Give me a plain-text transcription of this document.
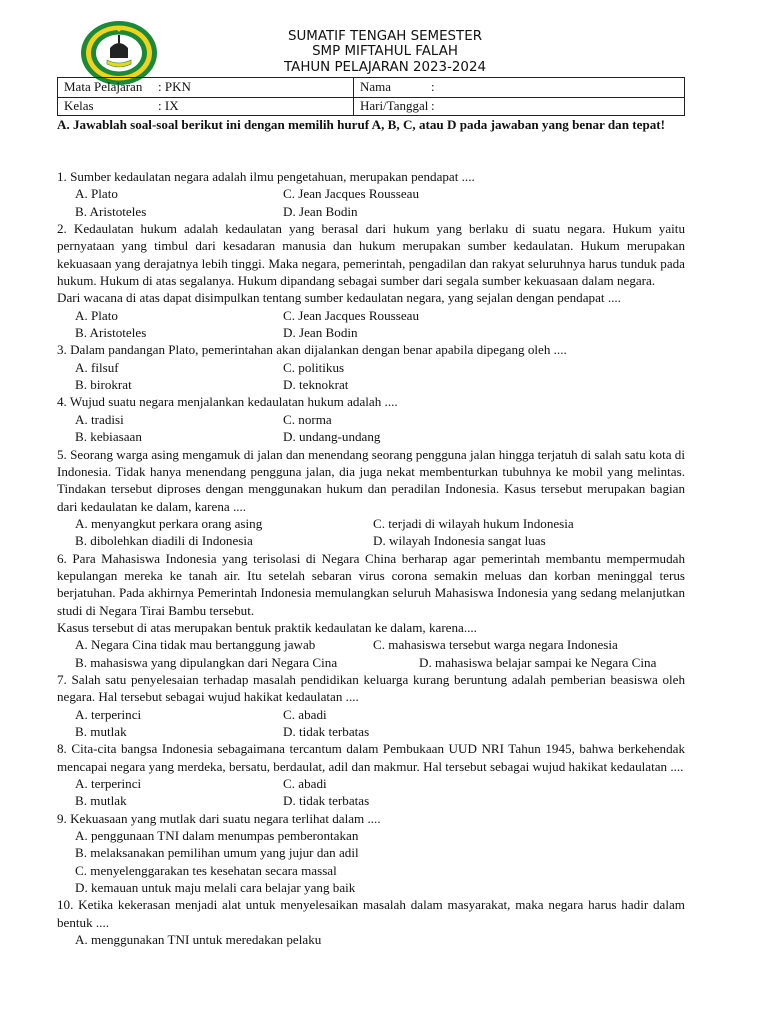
SUMATIF TENGAH SEMESTER
SMP MIFTAHUL FALAH
TAHUN PELAJARAN 2023-2024
Mata Pelajaran : PKN	Nama	:
Kelas	: IX	Hari/Tanggal :
A. Jawablah soal-soal berikut ini dengan memilih huruf A, B, C, atau D pada jawaban yang benar dan tepat!

1. Sumber kedaulatan negara adalah ilmu pengetahuan, merupakan pendapat ....

A. Plato	C. Jean Jacques Rousseau
B. Aristoteles	D. Jean Bodin

2. Kedaulatan hukum adalah kedaulatan yang berasal dari hukum yang berlaku di suatu negara. Hukum yaitu pernyataan yang timbul dari kesadaran manusia dan hukum merupakan sumber kedaulatan. Hukum merupakan kekuasaan yang derajatnya lebih tinggi. Maka negara, pemerintah, pengadilan dan rakyat seluruhnya harus tunduk pada hukum. Hukum di atas segalanya. Hukum dipandang sebagai sumber dari segala sumber kekuasaan dalam negara.

Dari wacana di atas dapat disimpulkan tentang sumber kedaulatan negara, yang sejalan dengan pendapat ....

A. Plato	C. Jean Jacques Rousseau
B. Aristoteles	D. Jean Bodin

3. Dalam pandangan Plato, pemerintahan akan dijalankan dengan benar apabila dipegang oleh ....

A. filsuf	C. politikus
B. birokrat	D. teknokrat

4. Wujud suatu negara menjalankan kedaulatan hukum adalah ....

A. tradisi	C. norma
B. kebiasaan	D. undang-undang

5. Seorang warga asing mengamuk di jalan dan menendang seorang pengguna jalan hingga terjatuh di salah satu kota di Indonesia. Tidak hanya menendang pengguna jalan, dia juga nekat membenturkan tubuhnya ke mobil yang melintas. Tindakan tersebut diproses dengan menggunakan hukum dan peradilan Indonesia. Kasus tersebut merupakan bagian dari kedaulatan ke dalam, karena ....

A. menyangkut perkara orang asing	C. terjadi di wilayah hukum Indonesia
B. dibolehkan diadili di Indonesia	D. wilayah Indonesia sangat luas

6. Para Mahasiswa Indonesia yang terisolasi di Negara China berharap agar pemerintah membantu mempermudah kepulangan mereka ke tanah air. Itu setelah sebaran virus corona semakin meluas dan korban meninggal terus berjatuhan. Pada akhirnya Pemerintah Indonesia memulangkan seluruh Mahasiswa Indonesia yang sedang melanjutkan studi di Negara Tirai Bambu tersebut.

Kasus tersebut di atas merupakan bentuk praktik kedaulatan ke dalam, karena....

A. Negara Cina tidak mau bertanggung jawab	C. mahasiswa tersebut warga negara Indonesia
B. mahasiswa yang dipulangkan dari Negara Cina	D. mahasiswa belajar sampai ke Negara Cina

7. Salah satu penyelesaian terhadap masalah pendidikan keluarga kurang beruntung adalah pemberian beasiswa oleh negara. Hal tersebut sebagai wujud hakikat kedaulatan ....

A. terperinci	C. abadi
B. mutlak	D. tidak terbatas

8. Cita-cita bangsa Indonesia sebagaimana tercantum dalam Pembukaan UUD NRI Tahun 1945, bahwa berkehendak mencapai negara yang merdeka, bersatu, berdaulat, adil dan makmur. Hal tersebut sebagai wujud hakikat kedaulatan ....

A. terperinci	C. abadi
B. mutlak	D. tidak terbatas

9. Kekuasaan yang mutlak dari suatu negara terlihat dalam ....

A. penggunaan TNI dalam menumpas pemberontakan
B. melaksanakan pemilihan umum yang jujur dan adil
C. menyelenggarakan tes kesehatan secara massal
D. kemauan untuk maju melali cara belajar yang baik

10. Ketika kekerasan menjadi alat untuk menyelesaikan masalah dalam masyarakat, maka negara harus hadir dalam bentuk ....

A. menggunakan TNI untuk meredakan pelaku
